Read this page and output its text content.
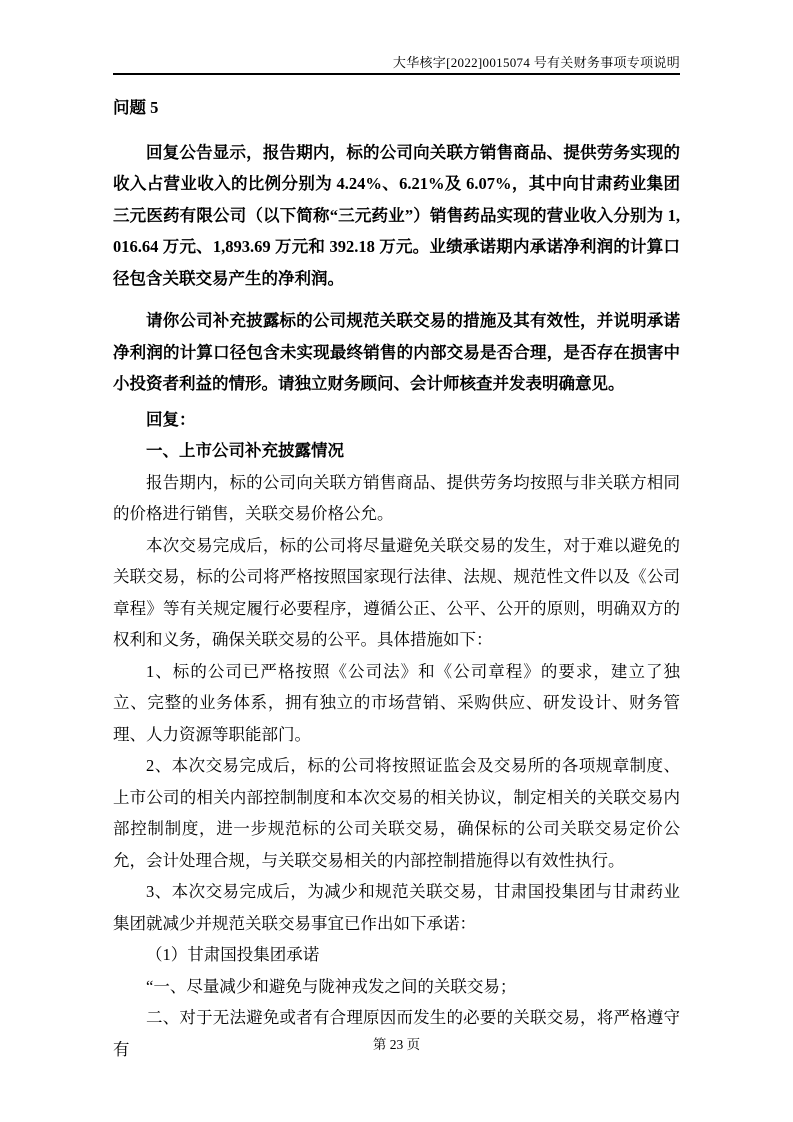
大华核字[2022]0015074 号有关财务事项专项说明

问题 5

回复公告显示，报告期内，标的公司向关联方销售商品、提供劳务实现的收入占营业收入的比例分别为 4.24%、6.21%及 6.07%，其中向甘肃药业集团三元医药有限公司（以下简称“三元药业”）销售药品实现的营业收入分别为 1,016.64 万元、1,893.69 万元和 392.18 万元。业绩承诺期内承诺净利润的计算口径包含关联交易产生的净利润。

请你公司补充披露标的公司规范关联交易的措施及其有效性，并说明承诺净利润的计算口径包含未实现最终销售的内部交易是否合理，是否存在损害中小投资者利益的情形。请独立财务顾问、会计师核查并发表明确意见。

回复：

一、上市公司补充披露情况

报告期内，标的公司向关联方销售商品、提供劳务均按照与非关联方相同的价格进行销售，关联交易价格公允。

本次交易完成后，标的公司将尽量避免关联交易的发生，对于难以避免的关联交易，标的公司将严格按照国家现行法律、法规、规范性文件以及《公司章程》等有关规定履行必要程序，遵循公正、公平、公开的原则，明确双方的权利和义务，确保关联交易的公平。具体措施如下：

1、标的公司已严格按照《公司法》和《公司章程》的要求，建立了独立、完整的业务体系，拥有独立的市场营销、采购供应、研发设计、财务管理、人力资源等职能部门。

2、本次交易完成后，标的公司将按照证监会及交易所的各项规章制度、上市公司的相关内部控制制度和本次交易的相关协议，制定相关的关联交易内部控制制度，进一步规范标的公司关联交易，确保标的公司关联交易定价公允，会计处理合规，与关联交易相关的内部控制措施得以有效性执行。

3、本次交易完成后，为减少和规范关联交易，甘肃国投集团与甘肃药业集团就减少并规范关联交易事宜已作出如下承诺：

（1）甘肃国投集团承诺

“一、尽量减少和避免与陇神戎发之间的关联交易；

二、对于无法避免或者有合理原因而发生的必要的关联交易，将严格遵守有	第 23 页
